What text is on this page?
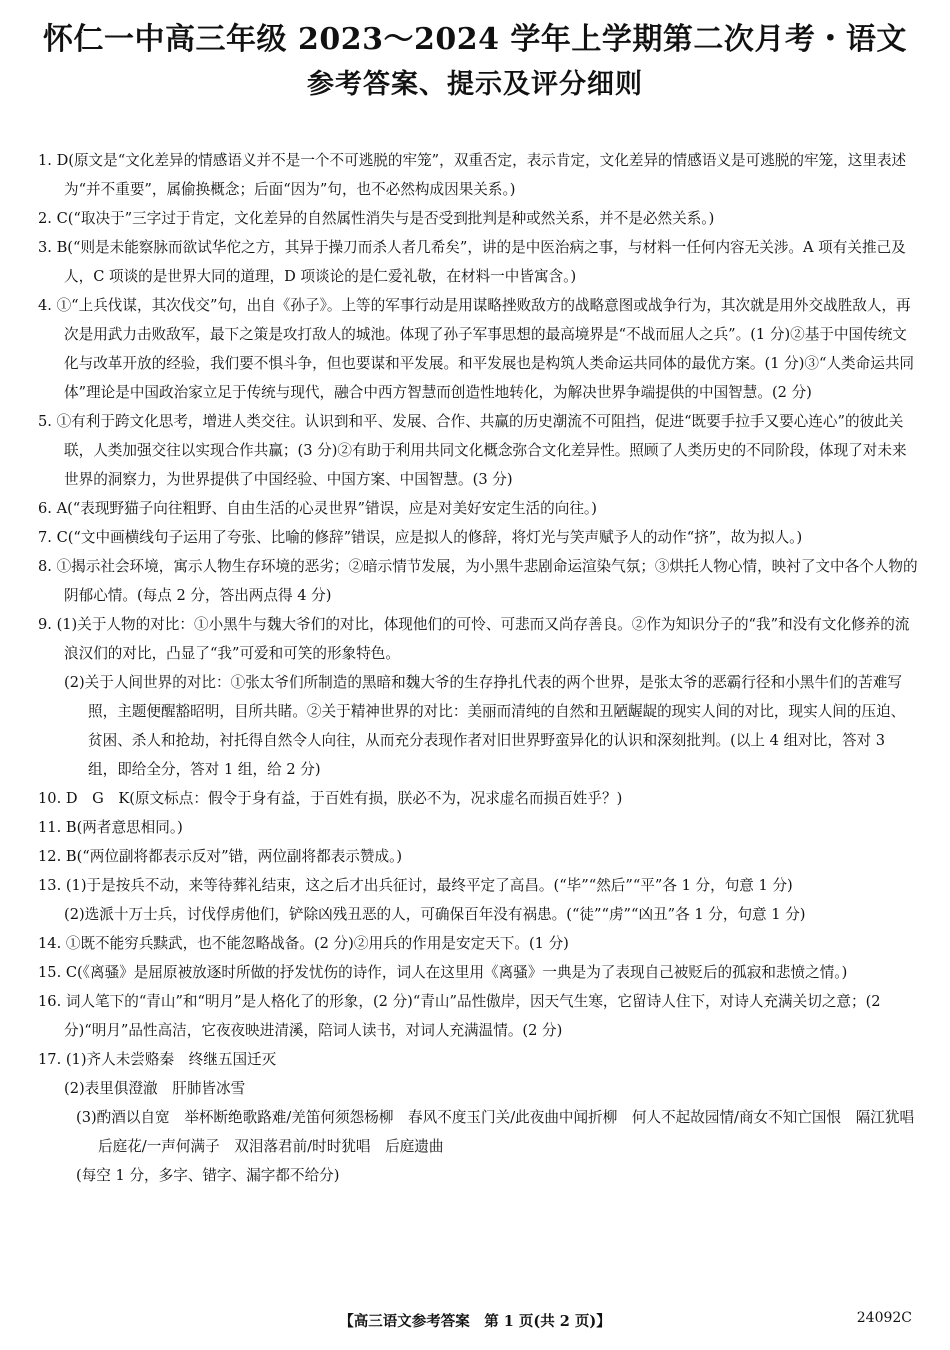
怀仁一中高三年级 2023～2024 学年上学期第二次月考・语文
参考答案、提示及评分细则

1. D(原文是“文化差异的情感语义并不是一个不可逃脱的牢笼”，双重否定，表示肯定，文化差异的情感语义是可逃脱的牢笼，这里表述为“并不重要”，属偷换概念；后面“因为”句，也不必然构成因果关系。)

2. C(“取决于”三字过于肯定，文化差异的自然属性消失与是否受到批判是种或然关系，并不是必然关系。)

3. B(“则是未能察脉而欲试华佗之方，其异于操刀而杀人者几希矣”，讲的是中医治病之事，与材料一任何内容无关涉。A 项有关推己及人，C 项谈的是世界大同的道理，D 项谈论的是仁爱礼敬，在材料一中皆寓含。)

4. ①“上兵伐谋，其次伐交”句，出自《孙子》。上等的军事行动是用谋略挫败敌方的战略意图或战争行为，其次就是用外交战胜敌人，再次是用武力击败敌军，最下之策是攻打敌人的城池。体现了孙子军事思想的最高境界是“不战而屈人之兵”。(1 分)②基于中国传统文化与改革开放的经验，我们要不惧斗争，但也要谋和平发展。和平发展也是构筑人类命运共同体的最优方案。(1 分)③“人类命运共同体”理论是中国政治家立足于传统与现代，融合中西方智慧而创造性地转化，为解决世界争端提供的中国智慧。(2 分)

5. ①有利于跨文化思考，增进人类交往。认识到和平、发展、合作、共赢的历史潮流不可阻挡，促进“既要手拉手又要心连心”的彼此关联，人类加强交往以实现合作共赢；(3 分)②有助于利用共同文化概念弥合文化差异性。照顾了人类历史的不同阶段，体现了对未来世界的洞察力，为世界提供了中国经验、中国方案、中国智慧。(3 分)

6. A(“表现野猫子向往粗野、自由生活的心灵世界”错误，应是对美好安定生活的向往。)

7. C(“文中画横线句子运用了夸张、比喻的修辞”错误，应是拟人的修辞，将灯光与笑声赋予人的动作“挤”，故为拟人。)

8. ①揭示社会环境，寓示人物生存环境的恶劣；②暗示情节发展，为小黑牛悲剧命运渲染气氛；③烘托人物心情，映衬了文中各个人物的阴郁心情。(每点 2 分，答出两点得 4 分)

9. (1)关于人物的对比：①小黑牛与魏大爷们的对比，体现他们的可怜、可悲而又尚存善良。②作为知识分子的“我”和没有文化修养的流浪汉们的对比，凸显了“我”可爱和可笑的形象特色。

(2)关于人间世界的对比：①张太爷们所制造的黑暗和魏大爷的生存挣扎代表的两个世界，是张太爷的恶霸行径和小黑牛们的苦难写照，主题便醒豁昭明，目所共睹。②关于精神世界的对比：美丽而清纯的自然和丑陋龌龊的现实人间的对比，现实人间的压迫、贫困、杀人和抢劫，衬托得自然令人向往，从而充分表现作者对旧世界野蛮异化的认识和深刻批判。(以上 4 组对比，答对 3 组，即给全分，答对 1 组，给 2 分)

10. D　G　K(原文标点：假令于身有益，于百姓有损，朕必不为，况求虚名而损百姓乎？)

11. B(两者意思相同。)

12. B(“两位副将都表示反对”错，两位副将都表示赞成。)

13. (1)于是按兵不动，来等待葬礼结束，这之后才出兵征讨，最终平定了高昌。(“毕”“然后”“平”各 1 分，句意 1 分)

(2)选派十万士兵，讨伐俘虏他们，铲除凶残丑恶的人，可确保百年没有祸患。(“徒”“虏”“凶丑”各 1 分，句意 1 分)

14. ①既不能穷兵黩武，也不能忽略战备。(2 分)②用兵的作用是安定天下。(1 分)

15. C(《离骚》是屈原被放逐时所做的抒发忧伤的诗作，词人在这里用《离骚》一典是为了表现自己被贬后的孤寂和悲愤之情。)

16. 词人笔下的“青山”和“明月”是人格化了的形象，(2 分)“青山”品性傲岸，因天气生寒，它留诗人住下，对诗人充满关切之意；(2 分)“明月”品性高洁，它夜夜映进清溪，陪词人读书，对词人充满温情。(2 分)

17. (1)齐人未尝赂秦　终继五国迁灭

(2)表里俱澄澈　肝肺皆冰雪

(3)酌酒以自宽　举杯断绝歌路难/羌笛何须怨杨柳　春风不度玉门关/此夜曲中闻折柳　何人不起故园情/商女不知亡国恨　隔江犹唱后庭花/一声何满子　双泪落君前/时时犹唱　后庭遗曲

(每空 1 分，多字、错字、漏字都不给分)

【高三语文参考答案　第 1 页(共 2 页)】	24092C
